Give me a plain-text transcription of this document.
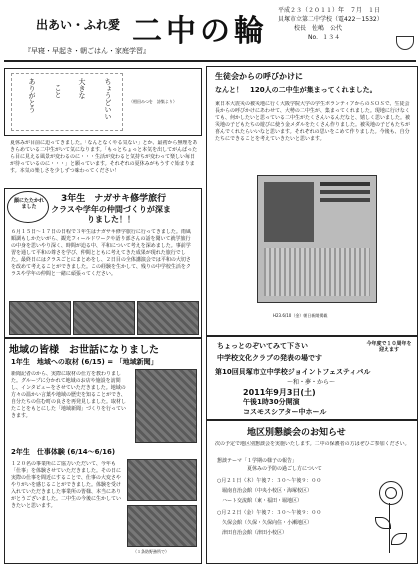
出あい・ふれ愛 二中の輪
『早寝・早起き・朝ごはん・家庭学習』
平成２３（２０１１）年　７月　１日
貝塚市立第二中学校（電422－1532）
校長　佐嶋　公代
No．１３４
ちょうどいい
大きな
こと
ありがとう	（相田みつを　詩集より）
夏休みが目前に迫ってきました。「なんとなくやる気ない」とか、最初から無理をあきらめている二中生がいて気になります。「もっとちょっと本気を出してがんばったら目に見える風景が変わるのに・・・生活が変わると気持ちが変わって楽しい毎日が待っているのに・・・」と願っています。それぞれの夏休みがもうすぐ始まります。本気の楽しさを少しずつ味わってください！
顔にたたかれました
3年生　ナガサキ修学旅行
クラスや学年の仲間づくりが深まりました！！
６月１５日～１７日の日程で３年生はナガサキ修学旅行に行ってきました。雨風順調もしかたいがら、観光フィールドワークや語り部さんの話を聞いて就学旅行の中身を思いやり深く、時間が迫る中、平和について考えを深めました。事前学習を通して平和の尊さを学び、仲間とともに考えてきた成果が現れた旅行でした。最終日にはクラスごとにまとめをし、２日目の全体講演会では平和の大切さを改めて考えることができました。この経験を生かして、残りの中学校生活をクラスや学年の仲間と一緒に頑張ってください。
地域の皆様　お世話になりました
1年生　地域への取材 (6/15) = 「地域新聞」
新聞記者のから、実際に取材の仕方を教わりました。グループに分かれて地域のお店や施設を訪問し、インタビューをさせていただきました。地域の方々の温かい言葉や地域の歴史を知ることができ、自分たちの住む町の良さを再発見しました。取材したことをもとにした「地域新聞」づくりを行っていきます。
2年生　仕事体験 (6/14～6/16)
１２０名の事業所にご協力いただいて、今年も「仕事」を体験させていただきました。その日に実際の仕事を間近にすることで、仕事の大変さややりがいを感じることができました。体験を受け入れていただきました事業所の皆様、本当にありがとうございました。二中生の今後に生かしていきたいと思います。
（１条防野務所で）
生徒会からの呼びかけに
なんと！　120人の二中生が集まってくれました。
東日本大震災の被災地に行く大阪学院大学の学生ボランティアからのＳＯＳで、生徒会長からの呼びかけにあわせて、大勢の二中生が、集まってくれました。現地に行けなくても、何かしたいと思っている二中生がたくさんいるんだなと、嬉しく思いました。被災地の子どもたちの遊びに使う金メダルをたくさん作りました。被災地の子どもたちが喜んでくれたらいいなと思います。それぞれの思いをこめて作りました。今後も、自分たちにできることを考えていきたいと思います。
H23.6/10（金）朝日新聞掲載
ちょっとのぞいてみて下さい
中学校文化クラブの発表の場です
今年度で１０周年を迎えます
第10回貝塚市立中学校ジョイントフェスティバル
～和・夢・から～
2011年9月3日(土)
午後1時30分開演
コスモスシアター中ホール
地区別懇談会のお知らせ
次の予定で地区別懇談会を実施いたします。二中の保護者の方はぜひご参加ください。
懇談テーマ「１学期の様子の報告」
夏休みの予防の過ごし方について
○月２１日（木）午後７：３０～午後９：００
　堀南自治会館（中央小校区・海塚校区）
　ハート交流館（東・福田・堀地区）
○月２２日（金）午後７：３０～午後９：００
　久保会館（久保・久保向住・小瀬地区）
　津田自治会館（津田小校区）
